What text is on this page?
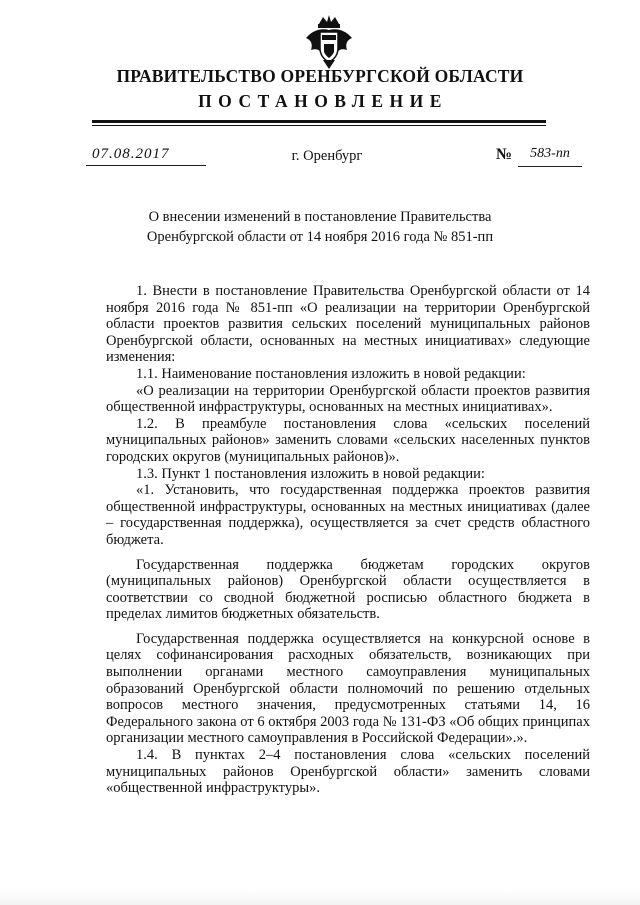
ПРАВИТЕЛЬСТВО ОРЕНБУРГСКОЙ ОБЛАСТИ
ПОСТАНОВЛЕНИЕ
07.08.2017	г. Оренбург	№	583-пп
О внесении изменений в постановление Правительства
Оренбургской области от 14 ноября 2016 года № 851-пп

1. Внести в постановление Правительства Оренбургской области от 14 ноября 2016 года № 851-пп «О реализации на территории Оренбургской области проектов развития сельских поселений муниципальных районов Оренбургской области, основанных на местных инициативах» следующие изменения:

1.1. Наименование постановления изложить в новой редакции:

«О реализации на территории Оренбургской области проектов развития общественной инфраструктуры, основанных на местных инициативах».

1.2. В преамбуле постановления слова «сельских поселений муниципальных районов» заменить словами «сельских населенных пунктов городских округов (муниципальных районов)».

1.3. Пункт 1 постановления изложить в новой редакции:

«1. Установить, что государственная поддержка проектов развития общественной инфраструктуры, основанных на местных инициативах (далее – государственная поддержка), осуществляется за счет средств областного бюджета.

Государственная поддержка бюджетам городских округов (муниципальных районов) Оренбургской области осуществляется в соответствии со сводной бюджетной росписью областного бюджета в пределах лимитов бюджетных обязательств.

Государственная поддержка осуществляется на конкурсной основе в целях софинансирования расходных обязательств, возникающих при выполнении органами местного самоуправления муниципальных образований Оренбургской области полномочий по решению отдельных вопросов местного значения, предусмотренных статьями 14, 16 Федерального закона от 6 октября 2003 года № 131-ФЗ «Об общих принципах организации местного самоуправления в Российской Федерации».».

1.4. В пунктах 2–4 постановления слова «сельских поселений муниципальных районов Оренбургской области» заменить словами «общественной инфраструктуры».
